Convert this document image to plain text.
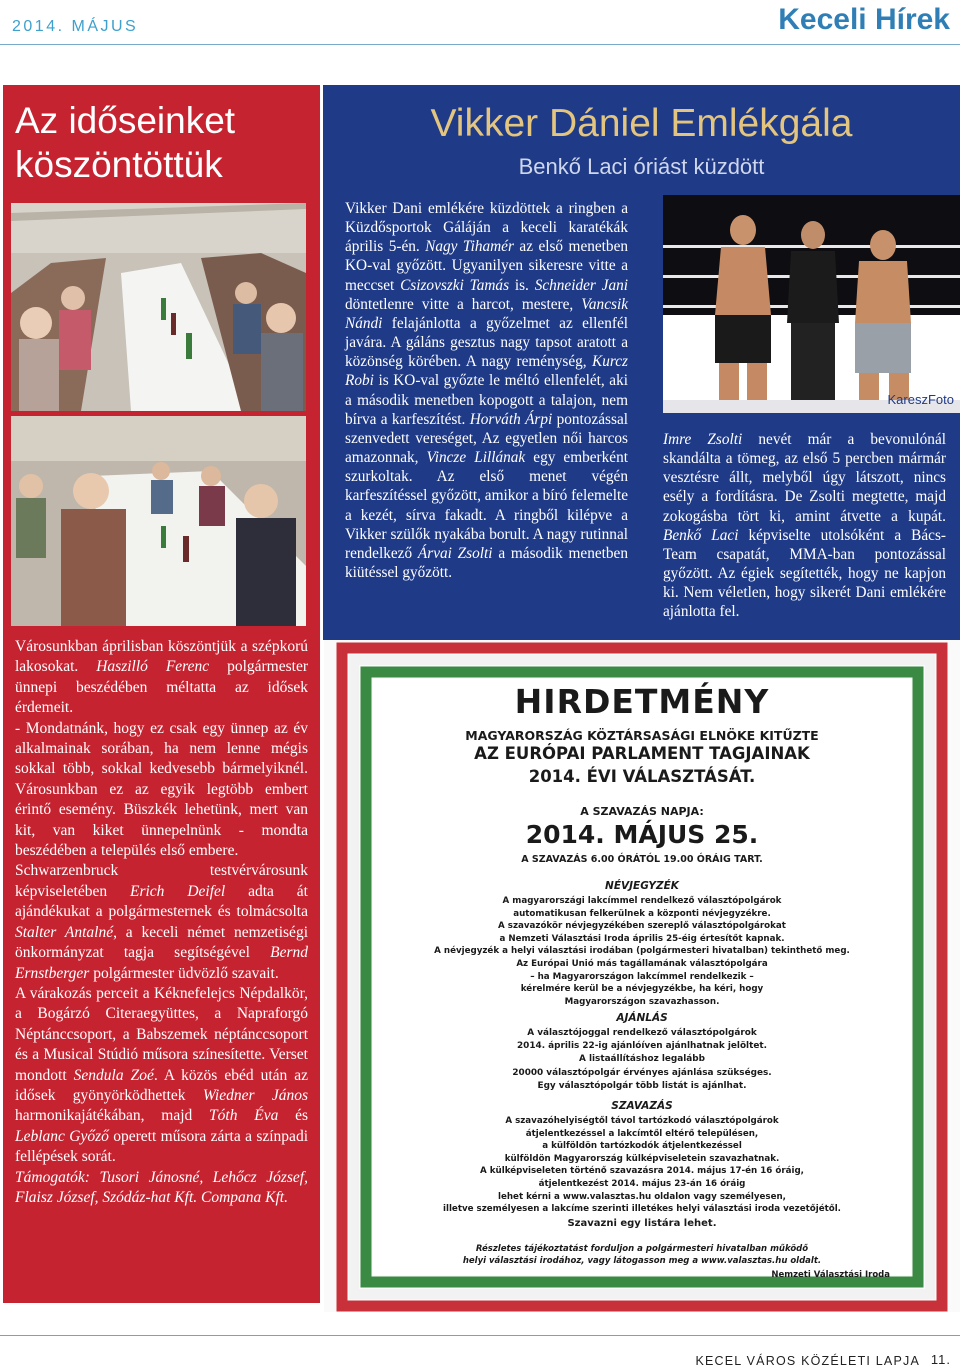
2014. MÁJUS	Keceli Hírek
Az időseinket köszöntöttük

Városunkban áprilisban köszöntjük a szépkorú lakosokat. Haszilló Ferenc polgármester ünnepi beszédében méltatta az idősek érdemeit.

- Mondatnánk, hogy ez csak egy ünnep az év alkalmainak sorában, ha nem lenne mégis sokkal több, sokkal kedvesebb bármelyiknél. Városunkban ez az egyik legtöbb embert érintő esemény. Büszkék lehetünk, mert van kit, van kiket ünnepelnünk - mondta beszédében a település első embere.

Schwarzenbruck testvérvárosunk képviseletében Erich Deifel adta át ajándékukat a polgármesternek és tolmácsolta Stalter Antalné, a keceli német nemzetiségi önkormányzat tagja segítségével Bernd Ernstberger polgármester üdvözlő szavait.

A várakozás perceit a Kéknefelejcs Népdalkör, a Bogárzó Citeraegyüttes, a Napraforgó Néptánccsoport, a Babszemek néptánccsoport és a Musical Stúdió műsora színesítette. Verset mondott Sendula Zoé. A közös ebéd után az idősek gyönyörködhettek Wiedner János harmonikajátékában, majd Tóth Éva és Leblanc Győző operett műsora zárta a színpadi fellépések sorát.

Támogatók: Tusori Jánosné, Lehőcz József, Flaisz József, Szódáz-hat Kft. Compana Kft.

Vikker Dániel Emlékgála
Benkő Laci óriást küzdött

Vikker Dani emlékére küzdöttek a ringben a Küzdősportok Gáláján a keceli karatékák április 5-én. Nagy Tihamér az első menetben KO-val győzött. Ugyanilyen sikeresre vitte a meccset Csizovszki Tamás is. Schneider Jani döntetlenre vitte a harcot, mestere, Vancsik Nándi felajánlotta a győzelmet az ellenfél javára. A gáláns gesztus nagy tapsot aratott a közönség körében. A nagy reménység, Kurcz Robi is KO-val győzte le méltó ellenfelét, aki a második menetben kopogott a talajon, nem bírva a karfeszítést. Horváth Árpi pontozással szenvedett vereséget, Az egyetlen női harcos amazonnak, Vincze Lillának egy emberként szurkoltak. Az első menet végén karfeszítéssel győzött, amikor a bíró felemelte a kezét, sírva fakadt. A ringből kilépve a Vikker szülők nyakába borult. A nagy rutinnal rendelkező Árvai Zsolti a második menetben kiütéssel győzött.

KareszFoto

Imre Zsolti nevét már a bevonulónál skandálta a tömeg, az első 5 percben mármár vesztésre állt, melyből úgy látszott, nincs esély a fordításra. De Zsolti megtette, majd zokogásba tört ki, amint átvette a kupát. Benkő Laci képviselte utolsóként a Bács-Team csapatát, MMA-ban pontozással győzött. Az égiek segítették, hogy ne kapjon ki. Nem véletlen, hogy sikerét Dani emlékére ajánlotta fel.

HIRDETMÉNY
MAGYARORSZÁG KÖZTÁRSASÁGI ELNÖKE KITŰZTE
AZ EURÓPAI PARLAMENT TAGJAINAK
2014. ÉVI VÁLASZTÁSÁT.
A SZAVAZÁS NAPJA:
2014. MÁJUS 25.
A SZAVAZÁS 6.00 ÓRÁTÓL 19.00 ÓRÁIG TART.
NÉVJEGYZÉK
A magyarországi lakcímmel rendelkező választópolgárok
automatikusan felkerülnek a központi névjegyzékre.
A szavazókör névjegyzékében szereplő választópolgárokat
a Nemzeti Választási Iroda április 25-éig értesítőt kapnak.
A névjegyzék a helyi választási irodában (polgármesteri hivatalban) tekinthető meg.
Az Európai Unió más tagállamának választópolgára
– ha Magyarországon lakcímmel rendelkezik –
kérelmére kerül be a névjegyzékbe, ha kéri, hogy
Magyarországon szavazhasson.
AJÁNLÁS
A választójoggal rendelkező választópolgárok
2014. április 22-ig ajánlóíven ajánlhatnak jelöltet.
A listaállításhoz legalább
20000 választópolgár érvényes ajánlása szükséges.
Egy választópolgár több listát is ajánlhat.
SZAVAZÁS
A szavazóhelyiségtől távol tartózkodó választópolgárok
átjelentkezéssel a lakcímtől eltérő településen,
a külföldön tartózkodók átjelentkezéssel
külföldön Magyarország külképviseletein szavazhatnak.
A külképviseleten történő szavazásra 2014. május 17-én 16 óráig,
átjelentkezést 2014. május 23-án 16 óráig
lehet kérni a www.valasztas.hu oldalon vagy személyesen,
illetve személyesen a lakcíme szerinti illetékes helyi választási iroda vezetőjétől.
Szavazni egy listára lehet.
Részletes tájékoztatást forduljon a polgármesteri hivatalban működő
helyi választási irodához, vagy látogasson meg a www.valasztas.hu oldalt.
Nemzeti Választási Iroda
KECEL VÁROS KÖZÉLETI LAPJA 11.
